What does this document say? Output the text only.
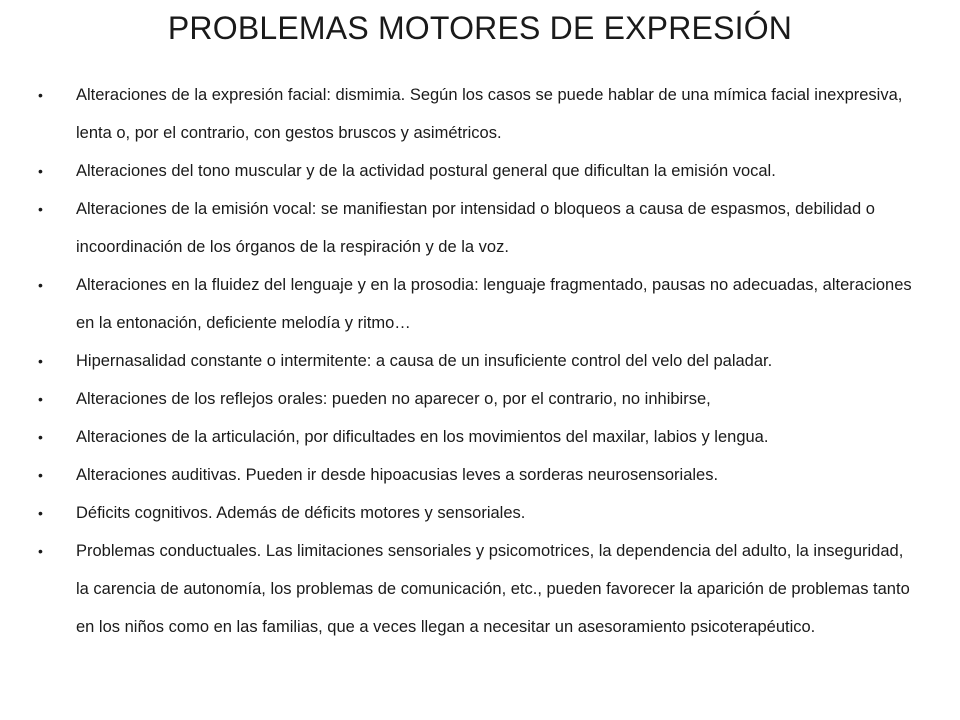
PROBLEMAS MOTORES DE EXPRESIÓN
•	Alteraciones de la expresión facial: dismimia. Según los casos se puede hablar de una mímica facial inexpresiva, lenta o, por el contrario, con gestos bruscos y asimétricos.
•	Alteraciones del tono muscular y de la actividad postural general que dificultan la emisión vocal.
•	Alteraciones de la emisión vocal: se manifiestan por intensidad o bloqueos a causa de espasmos, debilidad o incoordinación de los órganos de la respiración y de la voz.
•	Alteraciones en la fluidez del lenguaje y en la prosodia: lenguaje fragmentado, pausas no adecuadas, alteraciones en la entonación, deficiente melodía y ritmo…
•	Hipernasalidad constante o intermitente: a causa de un insuficiente control del velo del paladar.
•	Alteraciones de los reflejos orales: pueden no aparecer o, por el contrario, no inhibirse,
•	Alteraciones de la articulación, por dificultades en los movimientos del maxilar, labios y lengua.
•	Alteraciones auditivas. Pueden ir desde hipoacusias leves a sorderas neurosensoriales.
•	Déficits cognitivos. Además de déficits motores y sensoriales.
•	Problemas conductuales. Las limitaciones sensoriales y psicomotrices, la dependencia del adulto, la inseguridad, la carencia de autonomía, los problemas de comunicación, etc., pueden favorecer la aparición de problemas tanto en los niños como en las familias, que a veces llegan a necesitar un asesoramiento psicoterapéutico.
